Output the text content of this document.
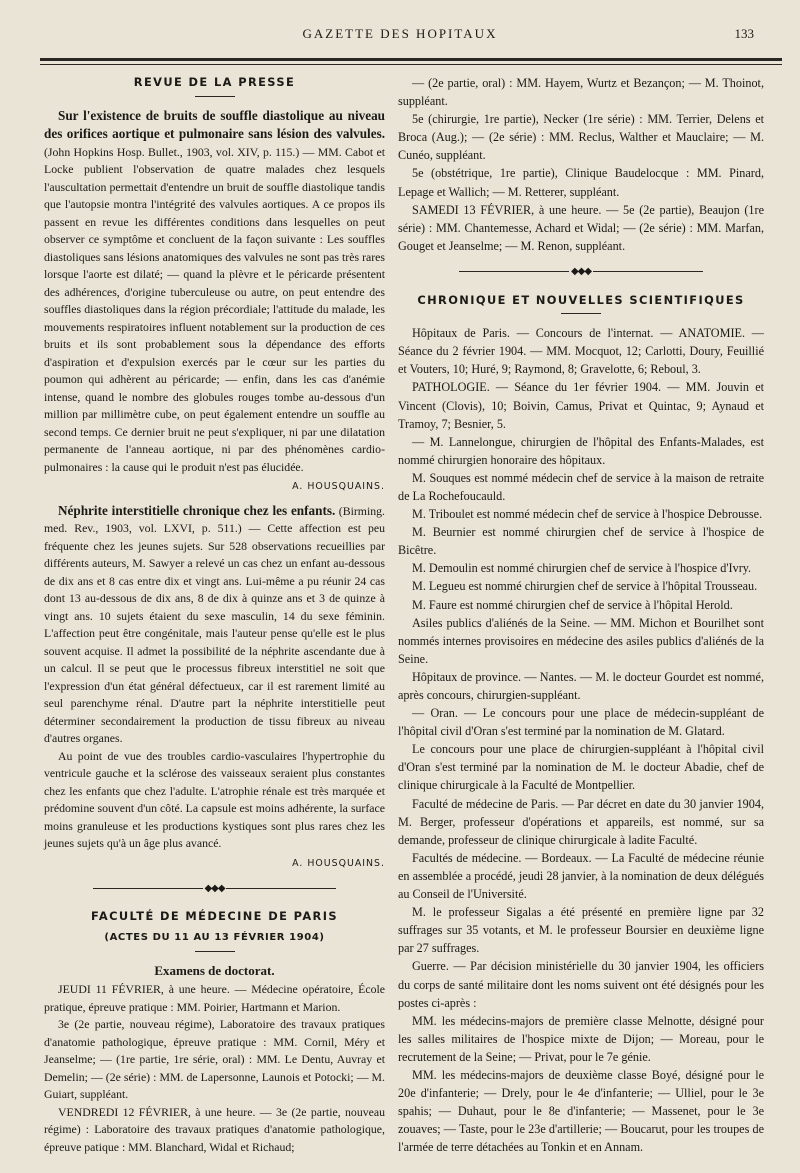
GAZETTE DES HOPITAUX	133
REVUE DE LA PRESSE

Sur l'existence de bruits de souffle diastolique au niveau des orifices aortique et pulmonaire sans lésion des valvules. (John Hopkins Hosp. Bullet., 1903, vol. XIV, p. 115.) — MM. Cabot et Locke publient l'observation de quatre malades chez lesquels l'auscultation permettait d'entendre un bruit de souffle diastolique tandis que l'autopsie montra l'intégrité des valvules aortiques. A ce propos ils passent en revue les différentes conditions dans lesquelles on peut observer ce symptôme et concluent de la façon suivante : Les souffles diastoliques sans lésions anatomiques des valvules ne sont pas très rares lorsque l'aorte est dilaté; — quand la plèvre et le péricarde présentent des adhérences, d'origine tuberculeuse ou autre, on peut entendre des souffles diastoliques dans la région précordiale; l'attitude du malade, les mouvements respiratoires influent notablement sur la production de ces bruits et ils sont probablement sous la dépendance des efforts d'aspiration et d'expulsion exercés par le cœur sur les parties du poumon qui adhèrent au péricarde; — enfin, dans les cas d'anémie intense, quand le nombre des globules rouges tombe au-dessous d'un million par millimètre cube, on peut également entendre un souffle au second temps. Ce dernier bruit ne peut s'expliquer, ni par une dilatation permanente de l'anneau aortique, ni par des phénomènes cardio-pulmonaires : la cause qui le produit n'est pas élucidée.

A. HOUSQUAINS.

Néphrite interstitielle chronique chez les enfants. (Birming. med. Rev., 1903, vol. LXVI, p. 511.) — Cette affection est peu fréquente chez les jeunes sujets. Sur 528 observations recueillies par différents auteurs, M. Sawyer a relevé un cas chez un enfant au-dessous de dix ans et 8 cas entre dix et vingt ans. Lui-même a pu réunir 24 cas dont 13 au-dessous de dix ans, 8 de dix à quinze ans et 3 de quinze à vingt ans. 10 sujets étaient du sexe masculin, 14 du sexe féminin. L'affection peut être congénitale, mais l'auteur pense qu'elle est le plus souvent acquise. Il admet la possibilité de la néphrite ascendante due à un calcul. Il se peut que le processus fibreux interstitiel ne soit que l'expression d'un état général défectueux, car il est rarement limité au seul parenchyme rénal. D'autre part la néphrite interstitielle peut déterminer secondairement la production de tissu fibreux au niveau d'autres organes.

Au point de vue des troubles cardio-vasculaires l'hypertrophie du ventricule gauche et la sclérose des vaisseaux seraient plus constantes chez les enfants que chez l'adulte. L'atrophie rénale est très marquée et prédomine souvent d'un côté. La capsule est moins adhérente, la surface moins granuleuse et les productions kystiques sont plus rares chez les jeunes sujets qu'à un âge plus avancé.

A. HOUSQUAINS.
◆◆◆
FACULTÉ DE MÉDECINE DE PARIS
(ACTES DU 11 AU 13 FÉVRIER 1904)
Examens de doctorat.

JEUDI 11 FÉVRIER, à une heure. — Médecine opératoire, École pratique, épreuve pratique : MM. Poirier, Hartmann et Marion.

3e (2e partie, nouveau régime), Laboratoire des travaux pratiques d'anatomie pathologique, épreuve pratique : MM. Cornil, Méry et Jeanselme; — (1re partie, 1re série, oral) : MM. Le Dentu, Auvray et Demelin; — (2e série) : MM. de Lapersonne, Launois et Potocki; — M. Guiart, suppléant.

VENDREDI 12 FÉVRIER, à une heure. — 3e (2e partie, nouveau régime) : Laboratoire des travaux pratiques d'anatomie pathologique, épreuve patique : MM. Blanchard, Widal et Richaud;

— (2e partie, oral) : MM. Hayem, Wurtz et Bezançon; — M. Thoinot, suppléant.

5e (chirurgie, 1re partie), Necker (1re série) : MM. Terrier, Delens et Broca (Aug.); — (2e série) : MM. Reclus, Walther et Mauclaire; — M. Cunéo, suppléant.

5e (obstétrique, 1re partie), Clinique Baudelocque : MM. Pinard, Lepage et Wallich; — M. Retterer, suppléant.

SAMEDI 13 FÉVRIER, à une heure. — 5e (2e partie), Beaujon (1re série) : MM. Chantemesse, Achard et Widal; — (2e série) : MM. Marfan, Gouget et Jeanselme; — M. Renon, suppléant.

◆◆◆
CHRONIQUE ET NOUVELLES SCIENTIFIQUES

Hôpitaux de Paris. — Concours de l'internat. — ANATOMIE. — Séance du 2 février 1904. — MM. Mocquot, 12; Carlotti, Doury, Feuillié et Vouters, 10; Huré, 9; Raymond, 8; Gravelotte, 6; Reboul, 3.

PATHOLOGIE. — Séance du 1er février 1904. — MM. Jouvin et Vincent (Clovis), 10; Boivin, Camus, Privat et Quintac, 9; Aynaud et Tramoy, 7; Besnier, 5.

— M. Lannelongue, chirurgien de l'hôpital des Enfants-Malades, est nommé chirurgien honoraire des hôpitaux.

M. Souques est nommé médecin chef de service à la maison de retraite de La Rochefoucauld.

M. Triboulet est nommé médecin chef de service à l'hospice Debrousse.

M. Beurnier est nommé chirurgien chef de service à l'hospice de Bicêtre.

M. Demoulin est nommé chirurgien chef de service à l'hospice d'Ivry.

M. Legueu est nommé chirurgien chef de service à l'hôpital Trousseau.

M. Faure est nommé chirurgien chef de service à l'hôpital Herold.

Asiles publics d'aliénés de la Seine. — MM. Michon et Bourilhet sont nommés internes provisoires en médecine des asiles publics d'aliénés de la Seine.

Hôpitaux de province. — Nantes. — M. le docteur Gourdet est nommé, après concours, chirurgien-suppléant.

— Oran. — Le concours pour une place de médecin-suppléant de l'hôpital civil d'Oran s'est terminé par la nomination de M. Glatard.

Le concours pour une place de chirurgien-suppléant à l'hôpital civil d'Oran s'est terminé par la nomination de M. le docteur Abadie, chef de clinique chirurgicale à la Faculté de Montpellier.

Faculté de médecine de Paris. — Par décret en date du 30 janvier 1904, M. Berger, professeur d'opérations et appareils, est nommé, sur sa demande, professeur de clinique chirurgicale à ladite Faculté.

Facultés de médecine. — Bordeaux. — La Faculté de médecine réunie en assemblée a procédé, jeudi 28 janvier, à la nomination de deux délégués au Conseil de l'Université.

M. le professeur Sigalas a été présenté en première ligne par 32 suffrages sur 35 votants, et M. le professeur Boursier en deuxième ligne par 27 suffrages.

Guerre. — Par décision ministérielle du 30 janvier 1904, les officiers du corps de santé militaire dont les noms suivent ont été désignés pour les postes ci-après :

MM. les médecins-majors de première classe Melnotte, désigné pour les salles militaires de l'hospice mixte de Dijon; — Moreau, pour le recrutement de la Seine; — Privat, pour le 7e génie.

MM. les médecins-majors de deuxième classe Boyé, désigné pour le 20e d'infanterie; — Drely, pour le 4e d'infanterie; — Ulliel, pour le 3e spahis; — Duhaut, pour le 8e d'infanterie; — Massenet, pour le 3e zouaves; — Taste, pour le 23e d'artillerie; — Boucarut, pour les troupes de l'armée de terre détachées au Tonkin et en Annam.
